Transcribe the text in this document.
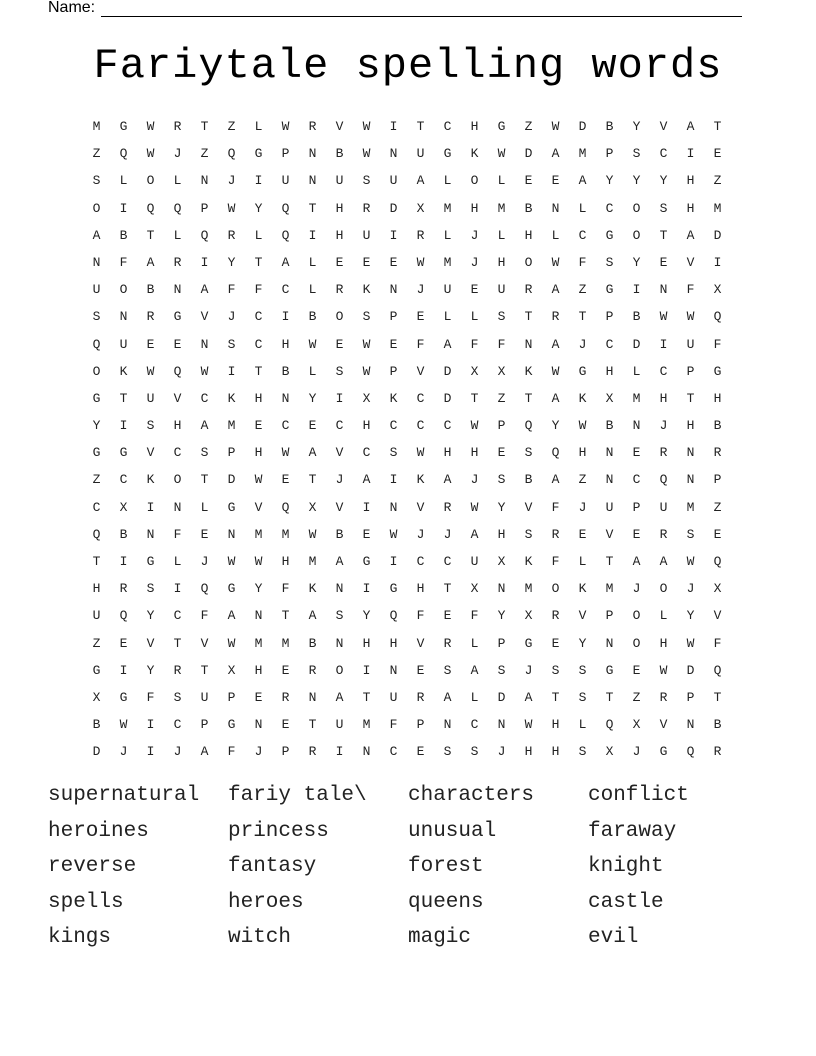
Name:
Fariytale spelling words
M	G	W	R	T	Z	L	W	R	V	W	I	T	C	H	G	Z	W	D	B	Y	V	A	T
Z	Q	W	J	Z	Q	G	P	N	B	W	N	U	G	K	W	D	A	M	P	S	C	I	E
S	L	O	L	N	J	I	U	N	U	S	U	A	L	O	L	E	E	A	Y	Y	Y	H	Z
O	I	Q	Q	P	W	Y	Q	T	H	R	D	X	M	H	M	B	N	L	C	O	S	H	M
A	B	T	L	Q	R	L	Q	I	H	U	I	R	L	J	L	H	L	C	G	O	T	A	D
N	F	A	R	I	Y	T	A	L	E	E	E	W	M	J	H	O	W	F	S	Y	E	V	I
U	O	B	N	A	F	F	C	L	R	K	N	J	U	E	U	R	A	Z	G	I	N	F	X
S	N	R	G	V	J	C	I	B	O	S	P	E	L	L	S	T	R	T	P	B	W	W	Q
Q	U	E	E	N	S	C	H	W	E	W	E	F	A	F	F	N	A	J	C	D	I	U	F
O	K	W	Q	W	I	T	B	L	S	W	P	V	D	X	X	K	W	G	H	L	C	P	G
G	T	U	V	C	K	H	N	Y	I	X	K	C	D	T	Z	T	A	K	X	M	H	T	H
Y	I	S	H	A	M	E	C	E	C	H	C	C	C	W	P	Q	Y	W	B	N	J	H	B
G	G	V	C	S	P	H	W	A	V	C	S	W	H	H	E	S	Q	H	N	E	R	N	R
Z	C	K	O	T	D	W	E	T	J	A	I	K	A	J	S	B	A	Z	N	C	Q	N	P
C	X	I	N	L	G	V	Q	X	V	I	N	V	R	W	Y	V	F	J	U	P	U	M	Z
Q	B	N	F	E	N	M	M	W	B	E	W	J	J	A	H	S	R	E	V	E	R	S	E
T	I	G	L	J	W	W	H	M	A	G	I	C	C	U	X	K	F	L	T	A	A	W	Q
H	R	S	I	Q	G	Y	F	K	N	I	G	H	T	X	N	M	O	K	M	J	O	J	X
U	Q	Y	C	F	A	N	T	A	S	Y	Q	F	E	F	Y	X	R	V	P	O	L	Y	V
Z	E	V	T	V	W	M	M	B	N	H	H	V	R	L	P	G	E	Y	N	O	H	W	F
G	I	Y	R	T	X	H	E	R	O	I	N	E	S	A	S	J	S	S	G	E	W	D	Q
X	G	F	S	U	P	E	R	N	A	T	U	R	A	L	D	A	T	S	T	Z	R	P	T
B	W	I	C	P	G	N	E	T	U	M	F	P	N	C	N	W	H	L	Q	X	V	N	B
D	J	I	J	A	F	J	P	R	I	N	C	E	S	S	J	H	H	S	X	J	G	Q	R
supernatural	fariy tale\	characters	conflict
heroines	princess	unusual	faraway
reverse	fantasy	forest	knight
spells	heroes	queens	castle
kings	witch	magic	evil
